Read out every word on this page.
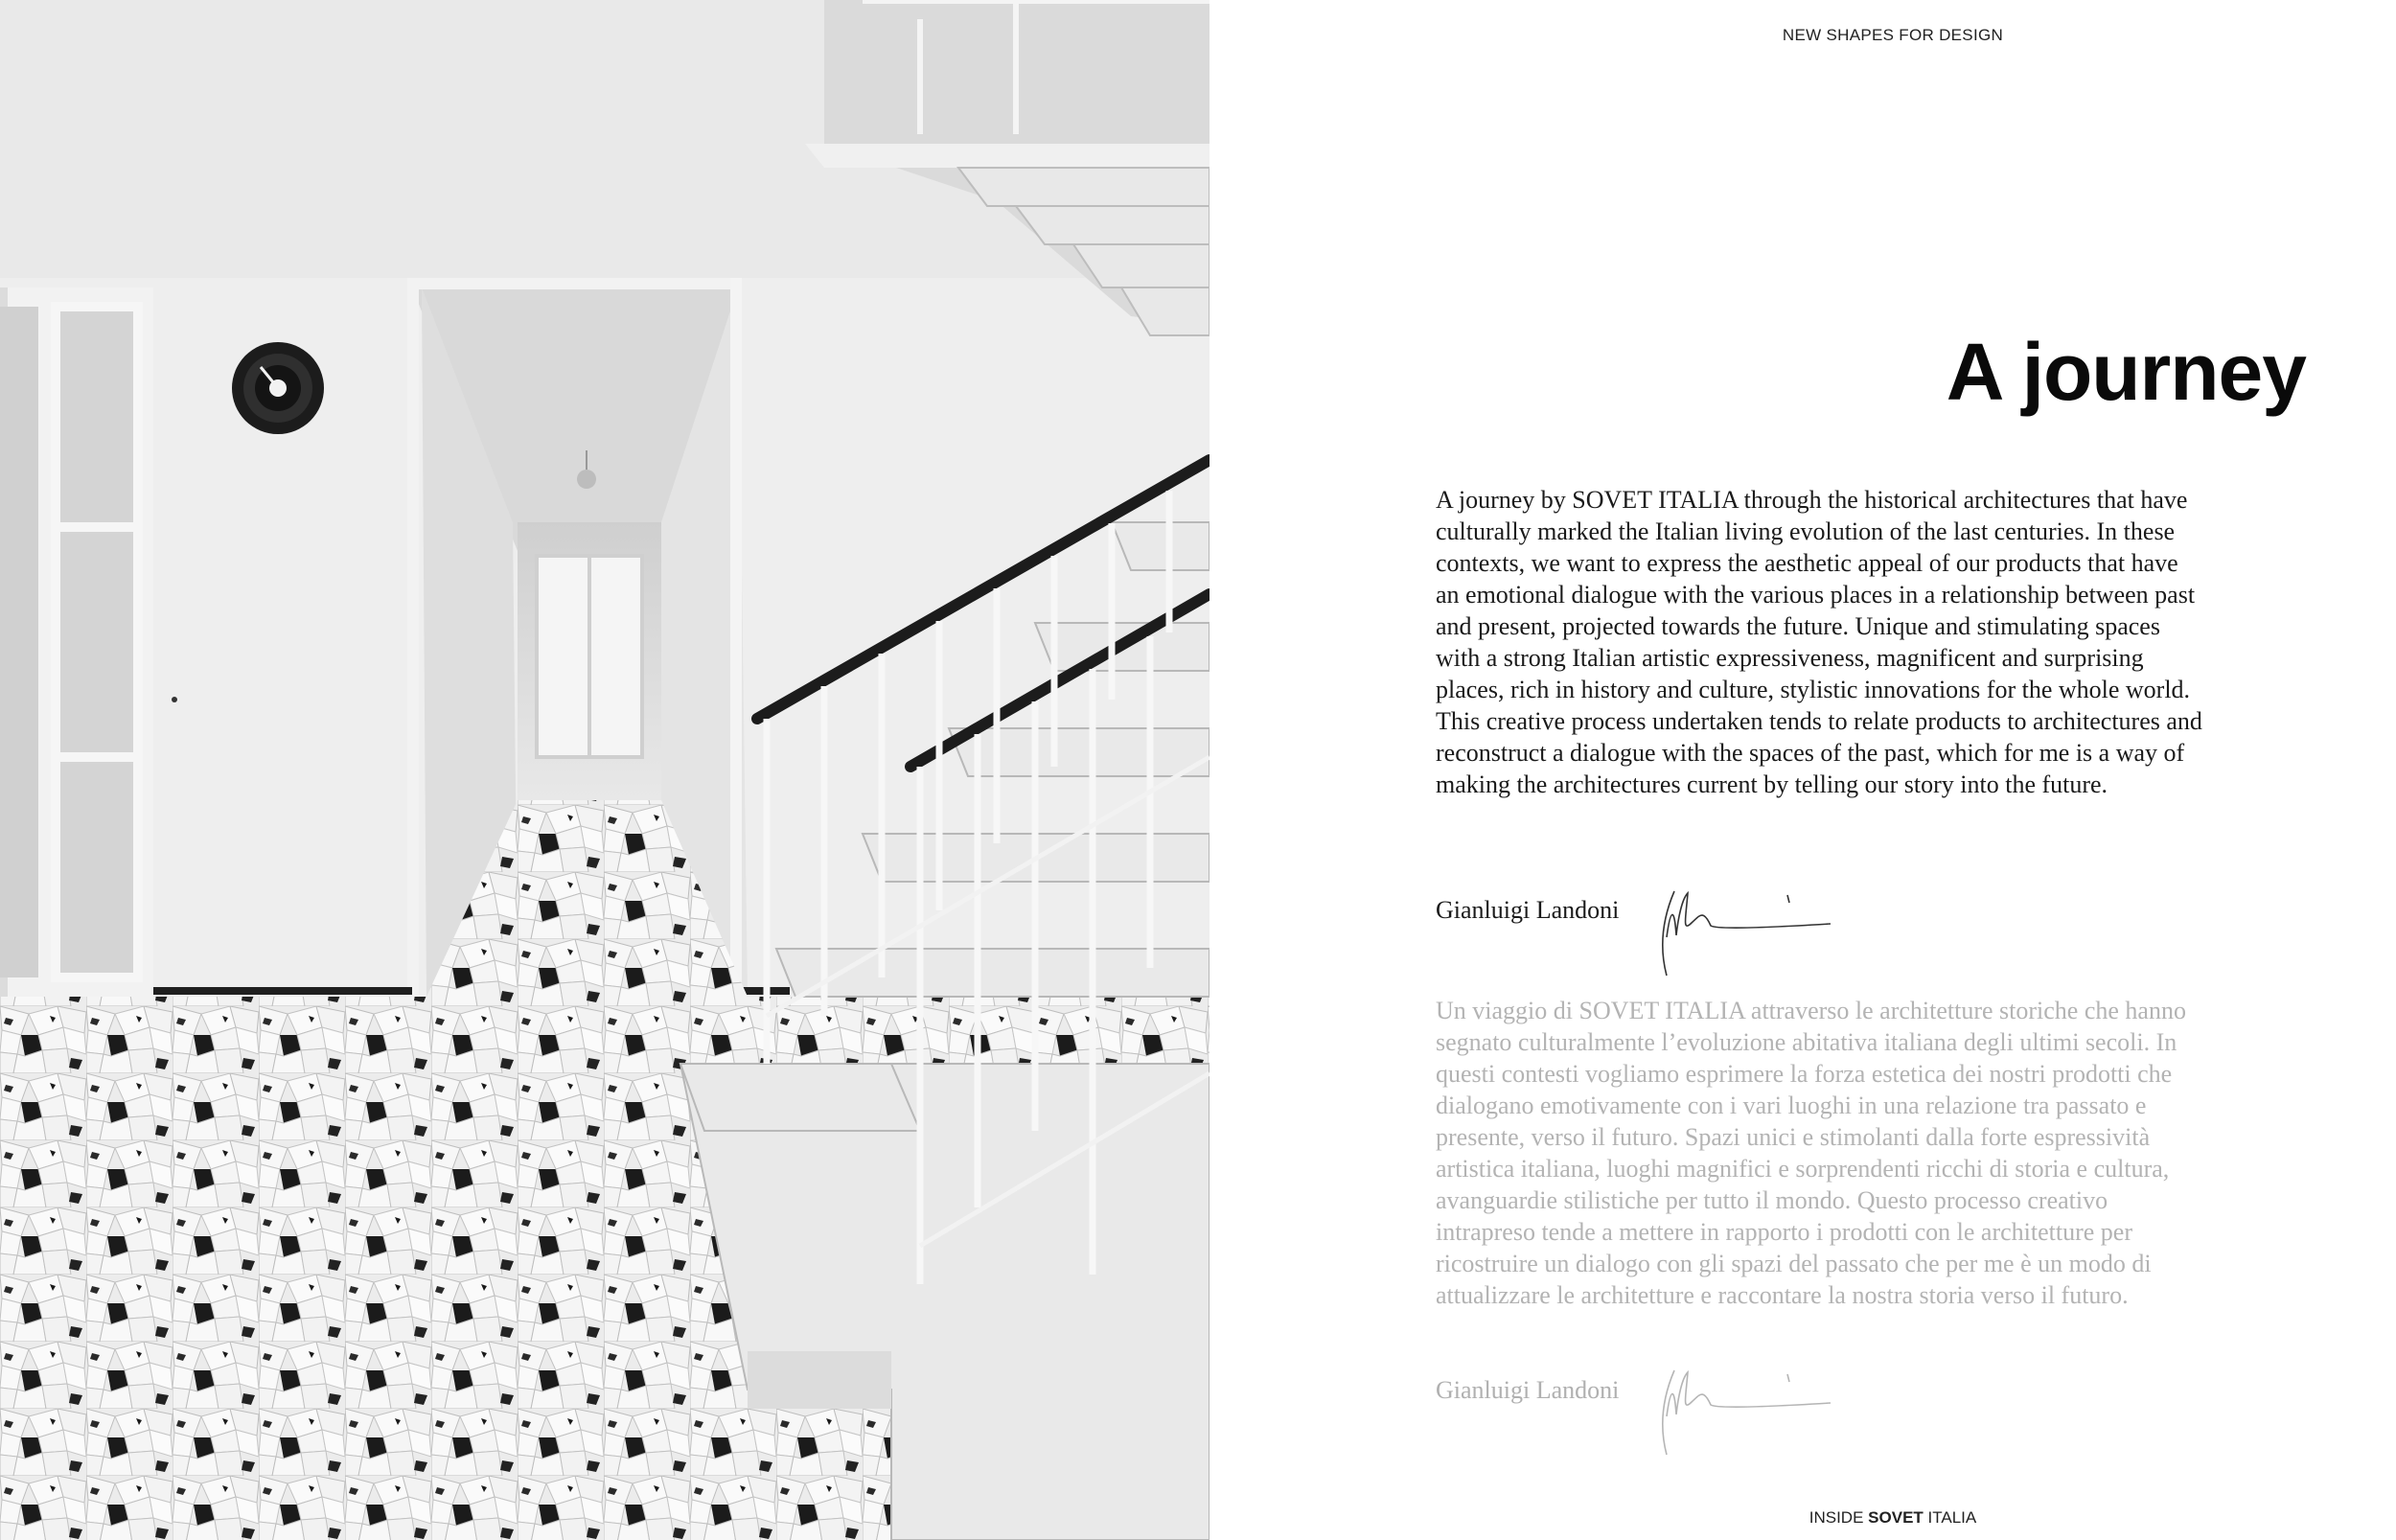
NEW SHAPES FOR DESIGN
A journey

A journey by SOVET ITALIA through the historical architectures that have culturally marked the Italian living evolution of the last centuries. In these contexts, we want to express the aesthetic appeal of our products that have an emotional dialogue with the various places in a relationship between past and present, projected towards the future. Unique and stimulating spaces with a strong Italian artistic expressiveness, magnificent and surprising places, rich in history and culture, stylistic innovations for the whole world. This creative process undertaken tends to relate products to architectures and reconstruct a dialogue with the spaces of the past, which for me is a way of making the architectures current by telling our story into the future.

Gianluigi Landoni

Un viaggio di SOVET ITALIA attraverso le architetture storiche che hanno segnato culturalmente l’evoluzione abitativa italiana degli ultimi secoli. In questi contesti vogliamo esprimere la forza estetica dei nostri prodotti che dialogano emotivamente con i vari luoghi in una relazione tra passato e presente, verso il futuro. Spazi unici e stimolanti dalla forte espressività artistica italiana, luoghi magnifici e sorprendenti ricchi di storia e cultura, avanguardie stilistiche per tutto il mondo. Questo processo creativo intrapreso tende a mettere in rapporto i prodotti con le architetture per ricostruire un dialogo con gli spazi del passato che per me è un modo di attualizzare le architetture e raccontare la nostra storia verso il futuro.

Gianluigi Landoni
INSIDE SOVET ITALIA
